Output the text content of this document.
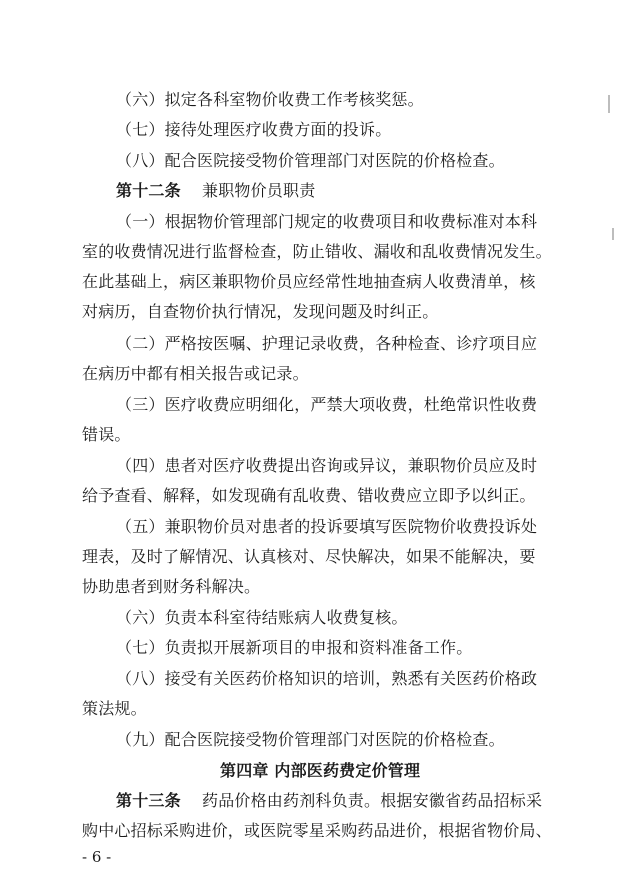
（六）拟定各科室物价收费工作考核奖惩。
（七）接待处理医疗收费方面的投诉。
（八）配合医院接受物价管理部门对医院的价格检查。
第十二条 兼职物价员职责
（一）根据物价管理部门规定的收费项目和收费标准对本科
室的收费情况进行监督检查，防止错收、漏收和乱收费情况发生。
在此基础上，病区兼职物价员应经常性地抽查病人收费清单，核
对病历，自查物价执行情况，发现问题及时纠正。
（二）严格按医嘱、护理记录收费，各种检查、诊疗项目应
在病历中都有相关报告或记录。
（三）医疗收费应明细化，严禁大项收费，杜绝常识性收费
错误。
（四）患者对医疗收费提出咨询或异议，兼职物价员应及时
给予查看、解释，如发现确有乱收费、错收费应立即予以纠正。
（五）兼职物价员对患者的投诉要填写医院物价收费投诉处
理表，及时了解情况、认真核对、尽快解决，如果不能解决，要
协助患者到财务科解决。
（六）负责本科室待结账病人收费复核。
（七）负责拟开展新项目的申报和资料准备工作。
（八）接受有关医药价格知识的培训，熟悉有关医药价格政
策法规。
（九）配合医院接受物价管理部门对医院的价格检查。
第四章 内部医药费定价管理
第十三条 药品价格由药剂科负责。根据安徽省药品招标采
购中心招标采购进价，或医院零星采购药品进价，根据省物价局、
- 6 -
